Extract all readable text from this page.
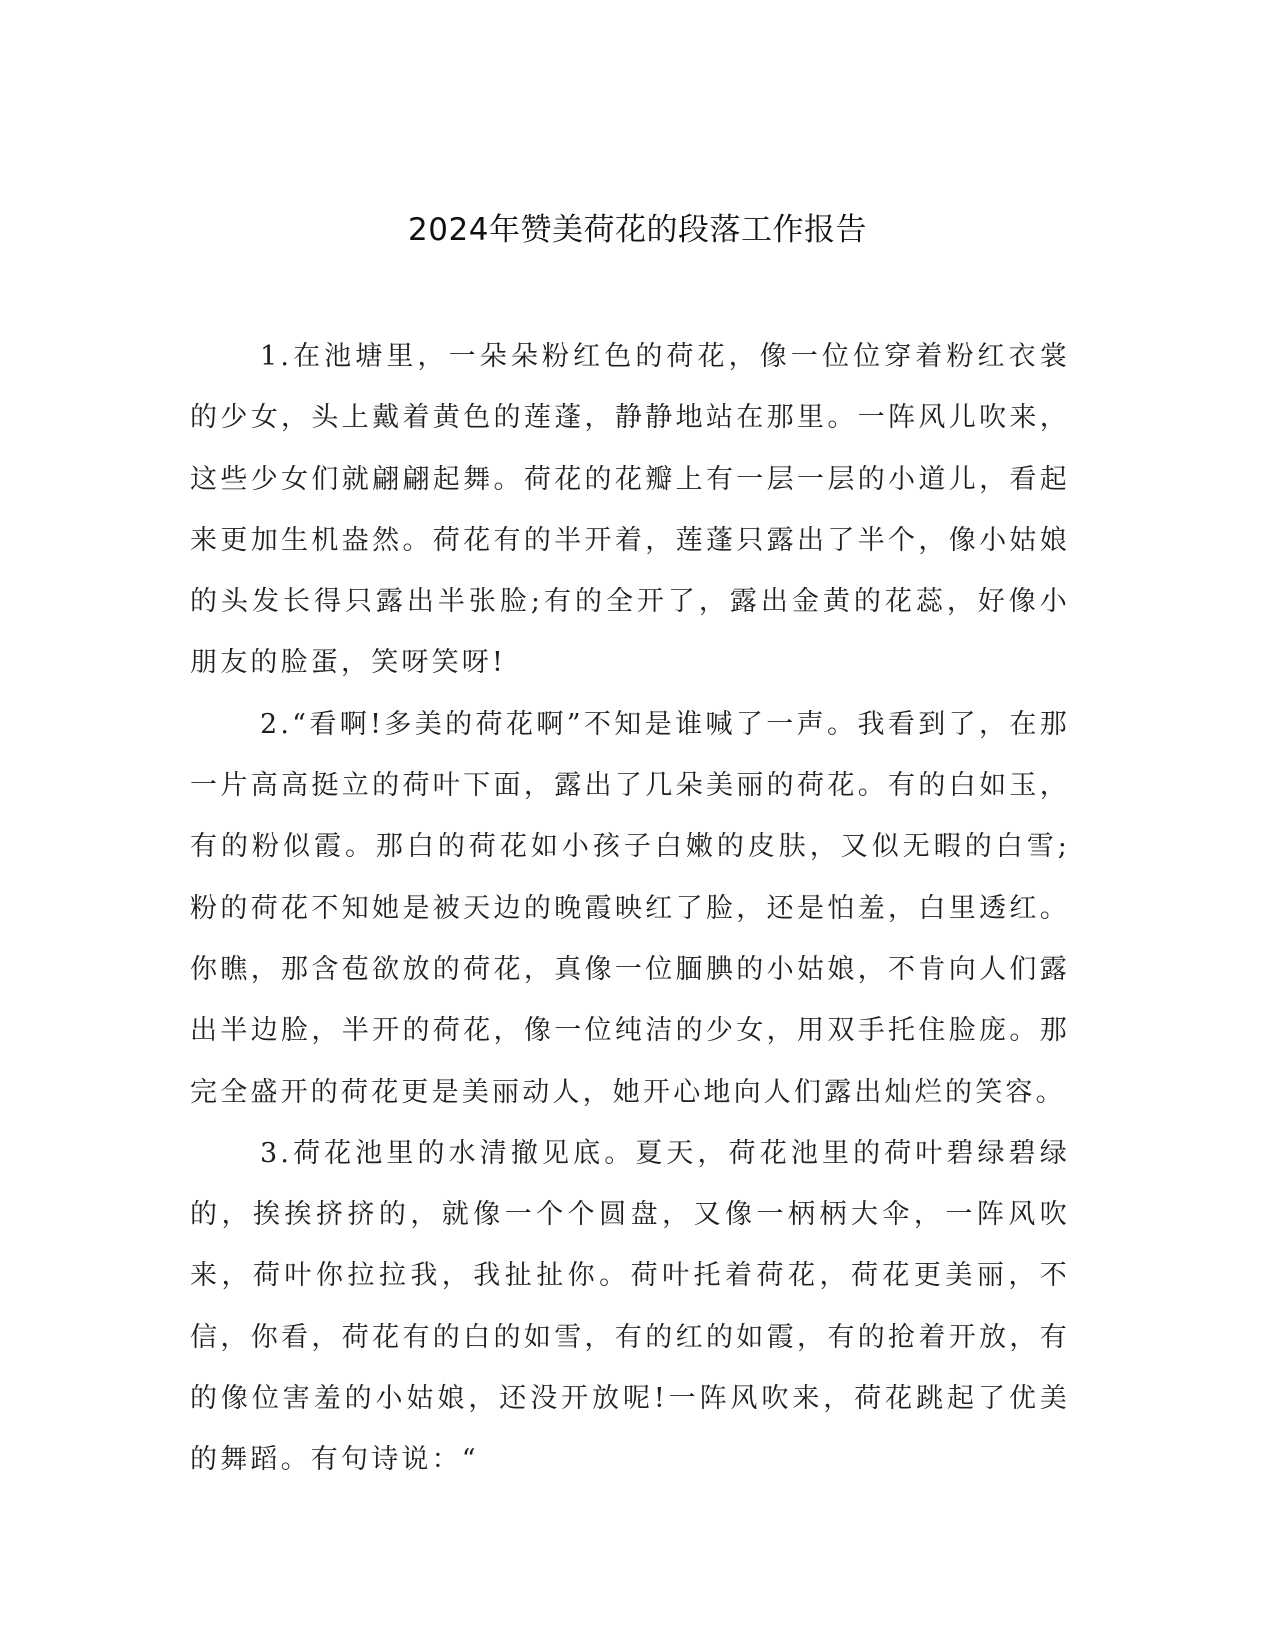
2024年赞美荷花的段落工作报告

1.在池塘里，一朵朵粉红色的荷花，像一位位穿着粉红衣裳的少女，头上戴着黄色的莲蓬，静静地站在那里。一阵风儿吹来，这些少女们就翩翩起舞。荷花的花瓣上有一层一层的小道儿，看起来更加生机盎然。荷花有的半开着，莲蓬只露出了半个，像小姑娘的头发长得只露出半张脸;有的全开了，露出金黄的花蕊，好像小朋友的脸蛋，笑呀笑呀!

2.“看啊!多美的荷花啊”不知是谁喊了一声。我看到了，在那一片高高挺立的荷叶下面，露出了几朵美丽的荷花。有的白如玉，有的粉似霞。那白的荷花如小孩子白嫩的皮肤，又似无暇的白雪;粉的荷花不知她是被天边的晚霞映红了脸，还是怕羞，白里透红。你瞧，那含苞欲放的荷花，真像一位腼腆的小姑娘，不肯向人们露出半边脸，半开的荷花，像一位纯洁的少女，用双手托住脸庞。那完全盛开的荷花更是美丽动人，她开心地向人们露出灿烂的笑容。

3.荷花池里的水清撤见底。夏天，荷花池里的荷叶碧绿碧绿的，挨挨挤挤的，就像一个个圆盘，又像一柄柄大伞，一阵风吹来，荷叶你拉拉我，我扯扯你。荷叶托着荷花，荷花更美丽，不信，你看，荷花有的白的如雪，有的红的如霞，有的抢着开放，有的像位害羞的小姑娘，还没开放呢!一阵风吹来，荷花跳起了优美的舞蹈。有句诗说：“
